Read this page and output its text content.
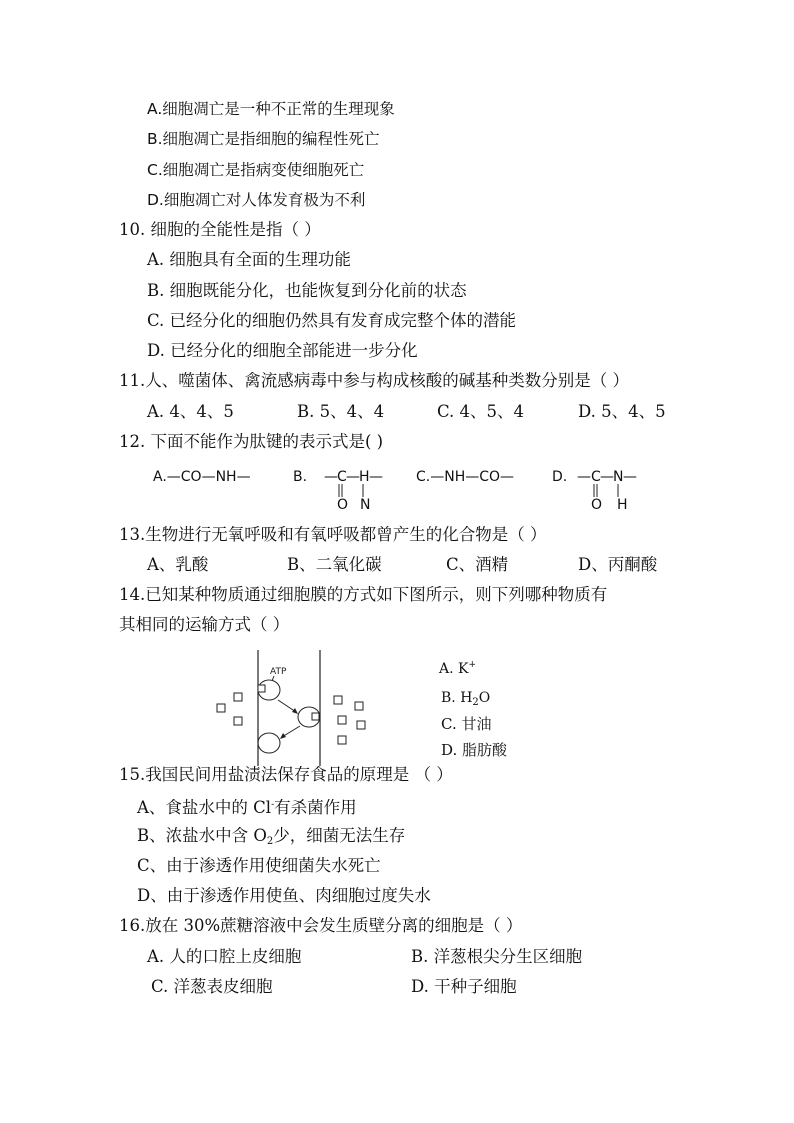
A.细胞凋亡是一种不正常的生理现象
B.细胞凋亡是指细胞的编程性死亡
C.细胞凋亡是指病变使细胞死亡
D.细胞凋亡对人体发育极为不利
10. 细胞的全能性是指（ ）
A. 细胞具有全面的生理功能
B. 细胞既能分化，也能恢复到分化前的状态
C. 已经分化的细胞仍然具有发育成完整个体的潜能
D. 已经分化的细胞全部能进一步分化
11.人、噬菌体、禽流感病毒中参与构成核酸的碱基种类数分别是（ ）
A. 4、4、5	B. 5、4、4	C. 4、5、4	D. 5、4、5
12. 下面不能作为肽键的表示式是( )
A.—CO—NH—	B. — C — H —
O N
C.—NH—CO—	D. — C — N —
O H
13.生物进行无氧呼吸和有氧呼吸都曾产生的化合物是（ ）
A、乳酸	B、二氧化碳	C、酒精	D、丙酮酸
14.已知某种物质通过细胞膜的方式如下图所示，则下列哪种物质有
其相同的运输方式（ ）
ATP	A. K+
B. $H_2O$
C. 甘油
D. 脂肪酸
15.我国民间用盐渍法保存食品的原理是 （ ）
A、食盐水中的 Cl-有杀菌作用
B、浓盐水中含 $O_2$少，细菌无法生存
C、由于渗透作用使细菌失水死亡
D、由于渗透作用使鱼、肉细胞过度失水
16.放在 30%蔗糖溶液中会发生质壁分离的细胞是（ ）
A. 人的口腔上皮细胞	B. 洋葱根尖分生区细胞
C. 洋葱表皮细胞	D. 干种子细胞
